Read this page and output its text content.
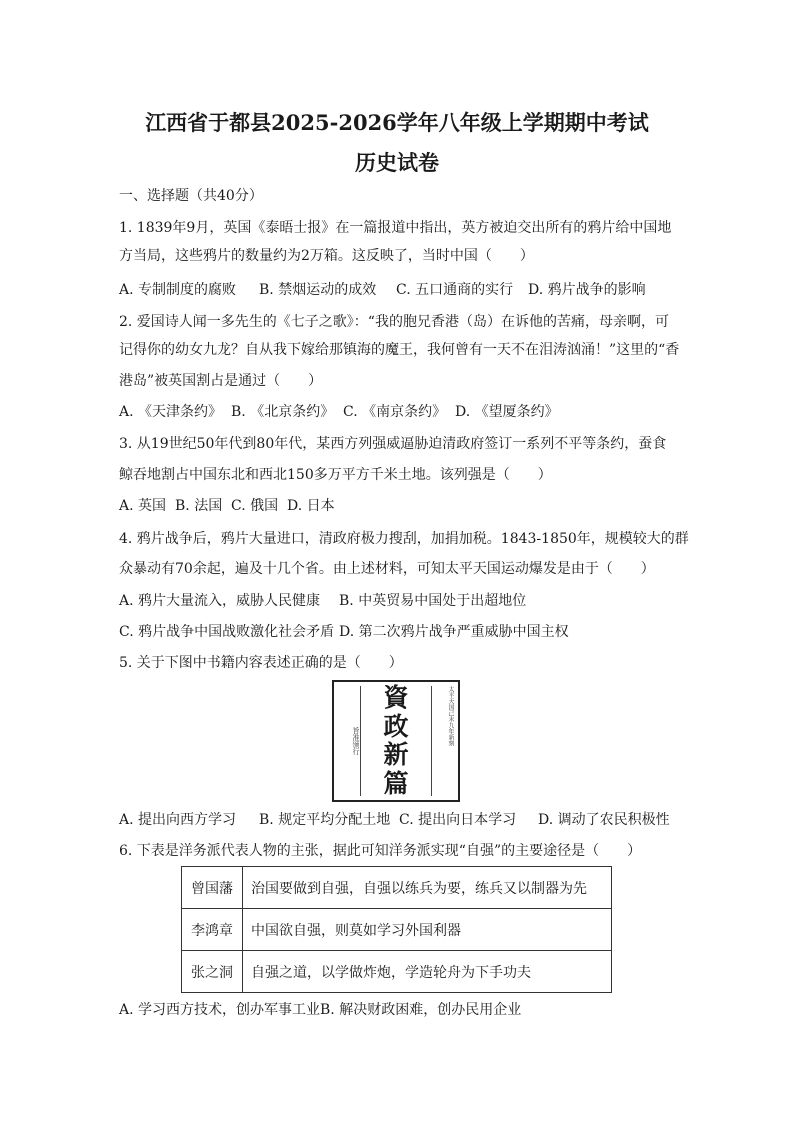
江西省于都县2025-2026学年八年级上学期期中考试
历史试卷

一、选择题（共40分）

1. 1839年9月，英国《泰晤士报》在一篇报道中指出，英方被迫交出所有的鸦片给中国地

方当局，这些鸦片的数量约为2万箱。这反映了，当时中国（　　）

A. 专制制度的腐败 B. 禁烟运动的成效 C. 五口通商的实行 D. 鸦片战争的影响

2. 爱国诗人闻一多先生的《七子之歌》：“我的胞兄香港（岛）在诉他的苦痛，母亲啊，可

记得你的幼女九龙？自从我下嫁给那镇海的魔王，我何曾有一天不在泪涛汹涌！”这里的“香

港岛”被英国割占是通过（　　）

A. 《天津条约》 B. 《北京条约》 C. 《南京条约》 D. 《望厦条约》

3. 从19世纪50年代到80年代，某西方列强威逼胁迫清政府签订一系列不平等条约，蚕食

鲸吞地割占中国东北和西北150多万平方千米土地。该列强是（　　）

A. 英国 B. 法国 C. 俄国 D. 日本

4. 鸦片战争后，鸦片大量进口，清政府极力搜刮，加捐加税。1843-1850年，规模较大的群

众暴动有70余起，遍及十几个省。由上述材料，可知太平天国运动爆发是由于（　　）

A. 鸦片大量流入，威胁人民健康 B. 中英贸易中国处于出超地位

C. 鸦片战争中国战败激化社会矛盾 D. 第二次鸦片战争严重威胁中国主权

5. 关于下图中书籍内容表述正确的是（　　）

旨准颁行
資
政
新
篇
太平天国己未九年新刻

A. 提出向西方学习 B. 规定平均分配土地 C. 提出向日本学习 D. 调动了农民积极性

6. 下表是洋务派代表人物的主张，据此可知洋务派实现“自强”的主要途径是（　　）

曾国藩	治国要做到自强，自强以练兵为要，练兵又以制器为先
李鸿章	中国欲自强，则莫如学习外国利器
张之洞	自强之道，以学做炸炮，学造轮舟为下手功夫

A. 学习西方技术，创办军事工业B. 解决财政困难，创办民用企业
